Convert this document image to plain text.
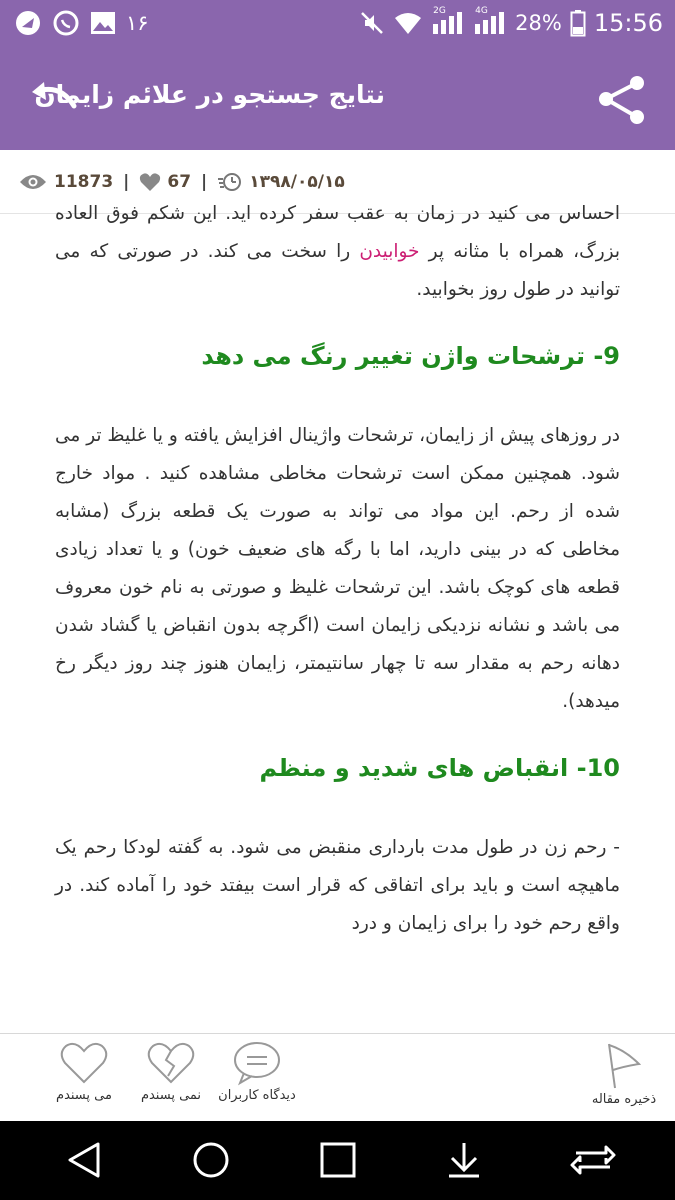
۱۶	2G	4G 28% 15:56
نتایج جستجو در علائم زایمان
11873 | 67 | ۱۳۹۸/۰۵/۱۵

احساس می کنید در زمان به عقب سفر کرده اید. این شکم فوق العاده بزرگ، همراه با مثانه پر خوابیدن را سخت می کند. در صورتی که می توانید در طول روز بخوابید.

9- ترشحات واژن تغییر رنگ می دهد

در روزهای پیش از زایمان، ترشحات واژینال افزایش یافته و یا غلیظ تر می شود. همچنین ممکن است ترشحات مخاطی مشاهده کنید . مواد خارج شده از رحم. این مواد می تواند به صورت یک قطعه بزرگ (مشابه مخاطی که در بینی دارید، اما با رگه های ضعیف خون) و یا تعداد زیادی قطعه های کوچک باشد. این ترشحات غلیظ و صورتی به نام خون معروف می باشد و نشانه نزدیکی زایمان است (اگرچه بدون انقباض یا گشاد شدن دهانه رحم به مقدار سه تا چهار سانتیمتر، زایمان هنوز چند روز دیگر رخ میدهد).

10- انقباض های شدید و منظم

- رحم زن در طول مدت بارداری منقبض می شود. به گفته لودکا رحم یک ماهیچه است و باید برای اتفاقی که قرار است بیفتد خود را آماده کند. در واقع رحم خود را برای زایمان و درد

می پسندم	نمی پسندم	دیدگاه کاربران	ذخیره مقاله
